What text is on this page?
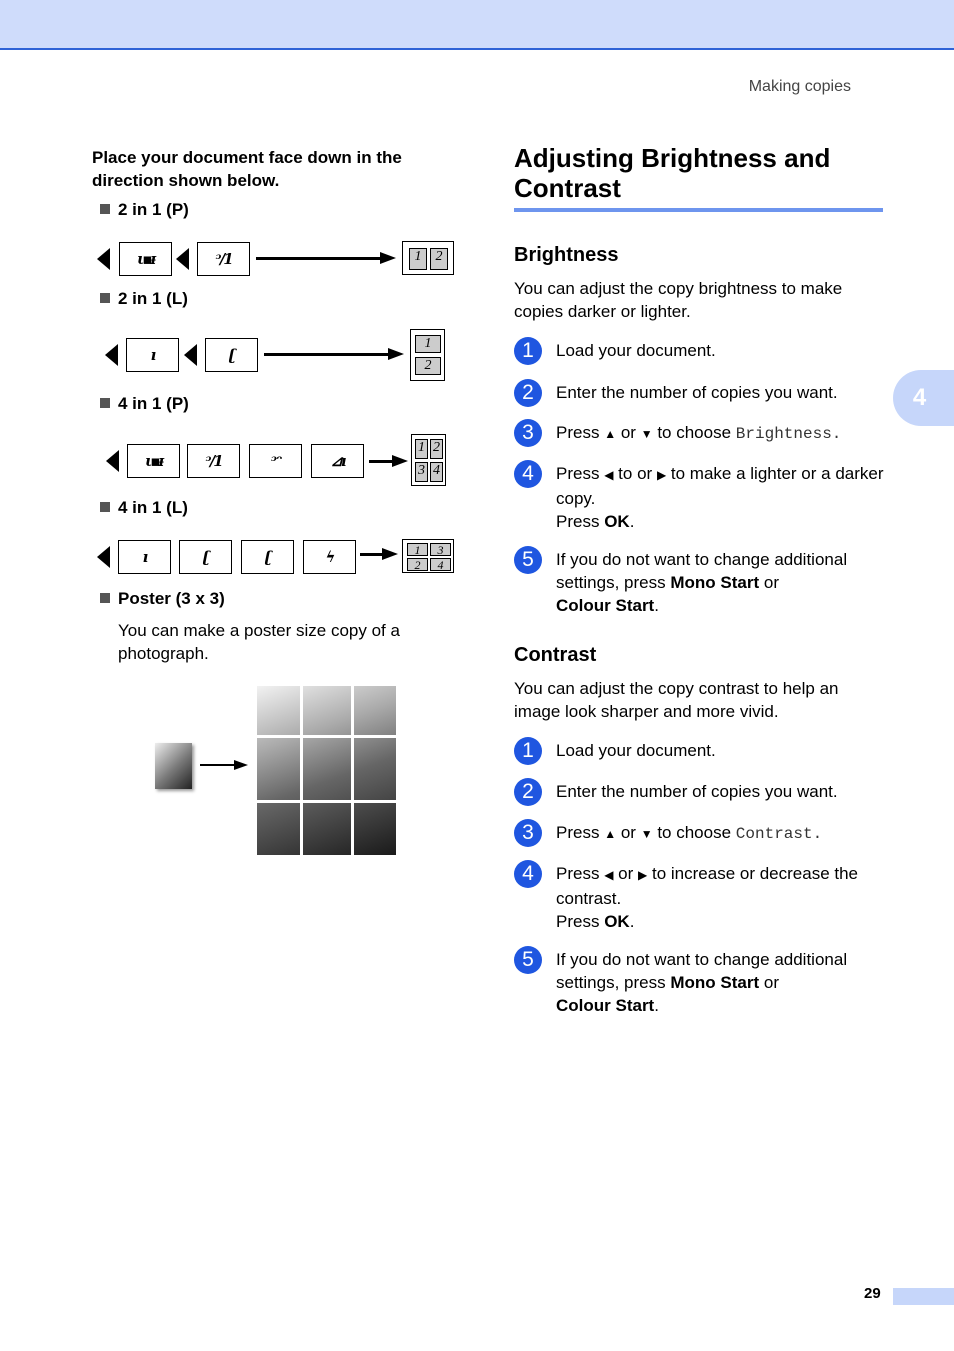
Making copies
4
Place your document face down in the direction shown below.
2 in 1 (P)
ι▪ᵻ	ᵓ/1	1	2
2 in 1 (L)
ı	ʗ
1
2
4 in 1 (P)
ι▪ᵻ	ᵓ/1	ᵓᵔ	⊿ı
1 2
3 4
4 in 1 (L)
ı	ʗ	ʗ	ϟ	1	3
2	4
Poster (3 x 3)
You can make a poster size copy of a photograph.
Adjusting Brightness and Contrast
Brightness
You can adjust the copy brightness to make copies darker or lighter.
1	Load your document.
2	Enter the number of copies you want.
3	Press ▲ or ▼ to choose Brightness.
4	Press ◀ to or ▶ to make a lighter or a darker copy.
Press OK.
5	If you do not want to change additional settings, press Mono Start or
Colour Start.
Contrast
You can adjust the copy contrast to help an image look sharper and more vivid.
1	Load your document.
2	Enter the number of copies you want.
3	Press ▲ or ▼ to choose Contrast.
4	Press ◀ or ▶ to increase or decrease the contrast.
Press OK.
5	If you do not want to change additional settings, press Mono Start or
Colour Start.
29
